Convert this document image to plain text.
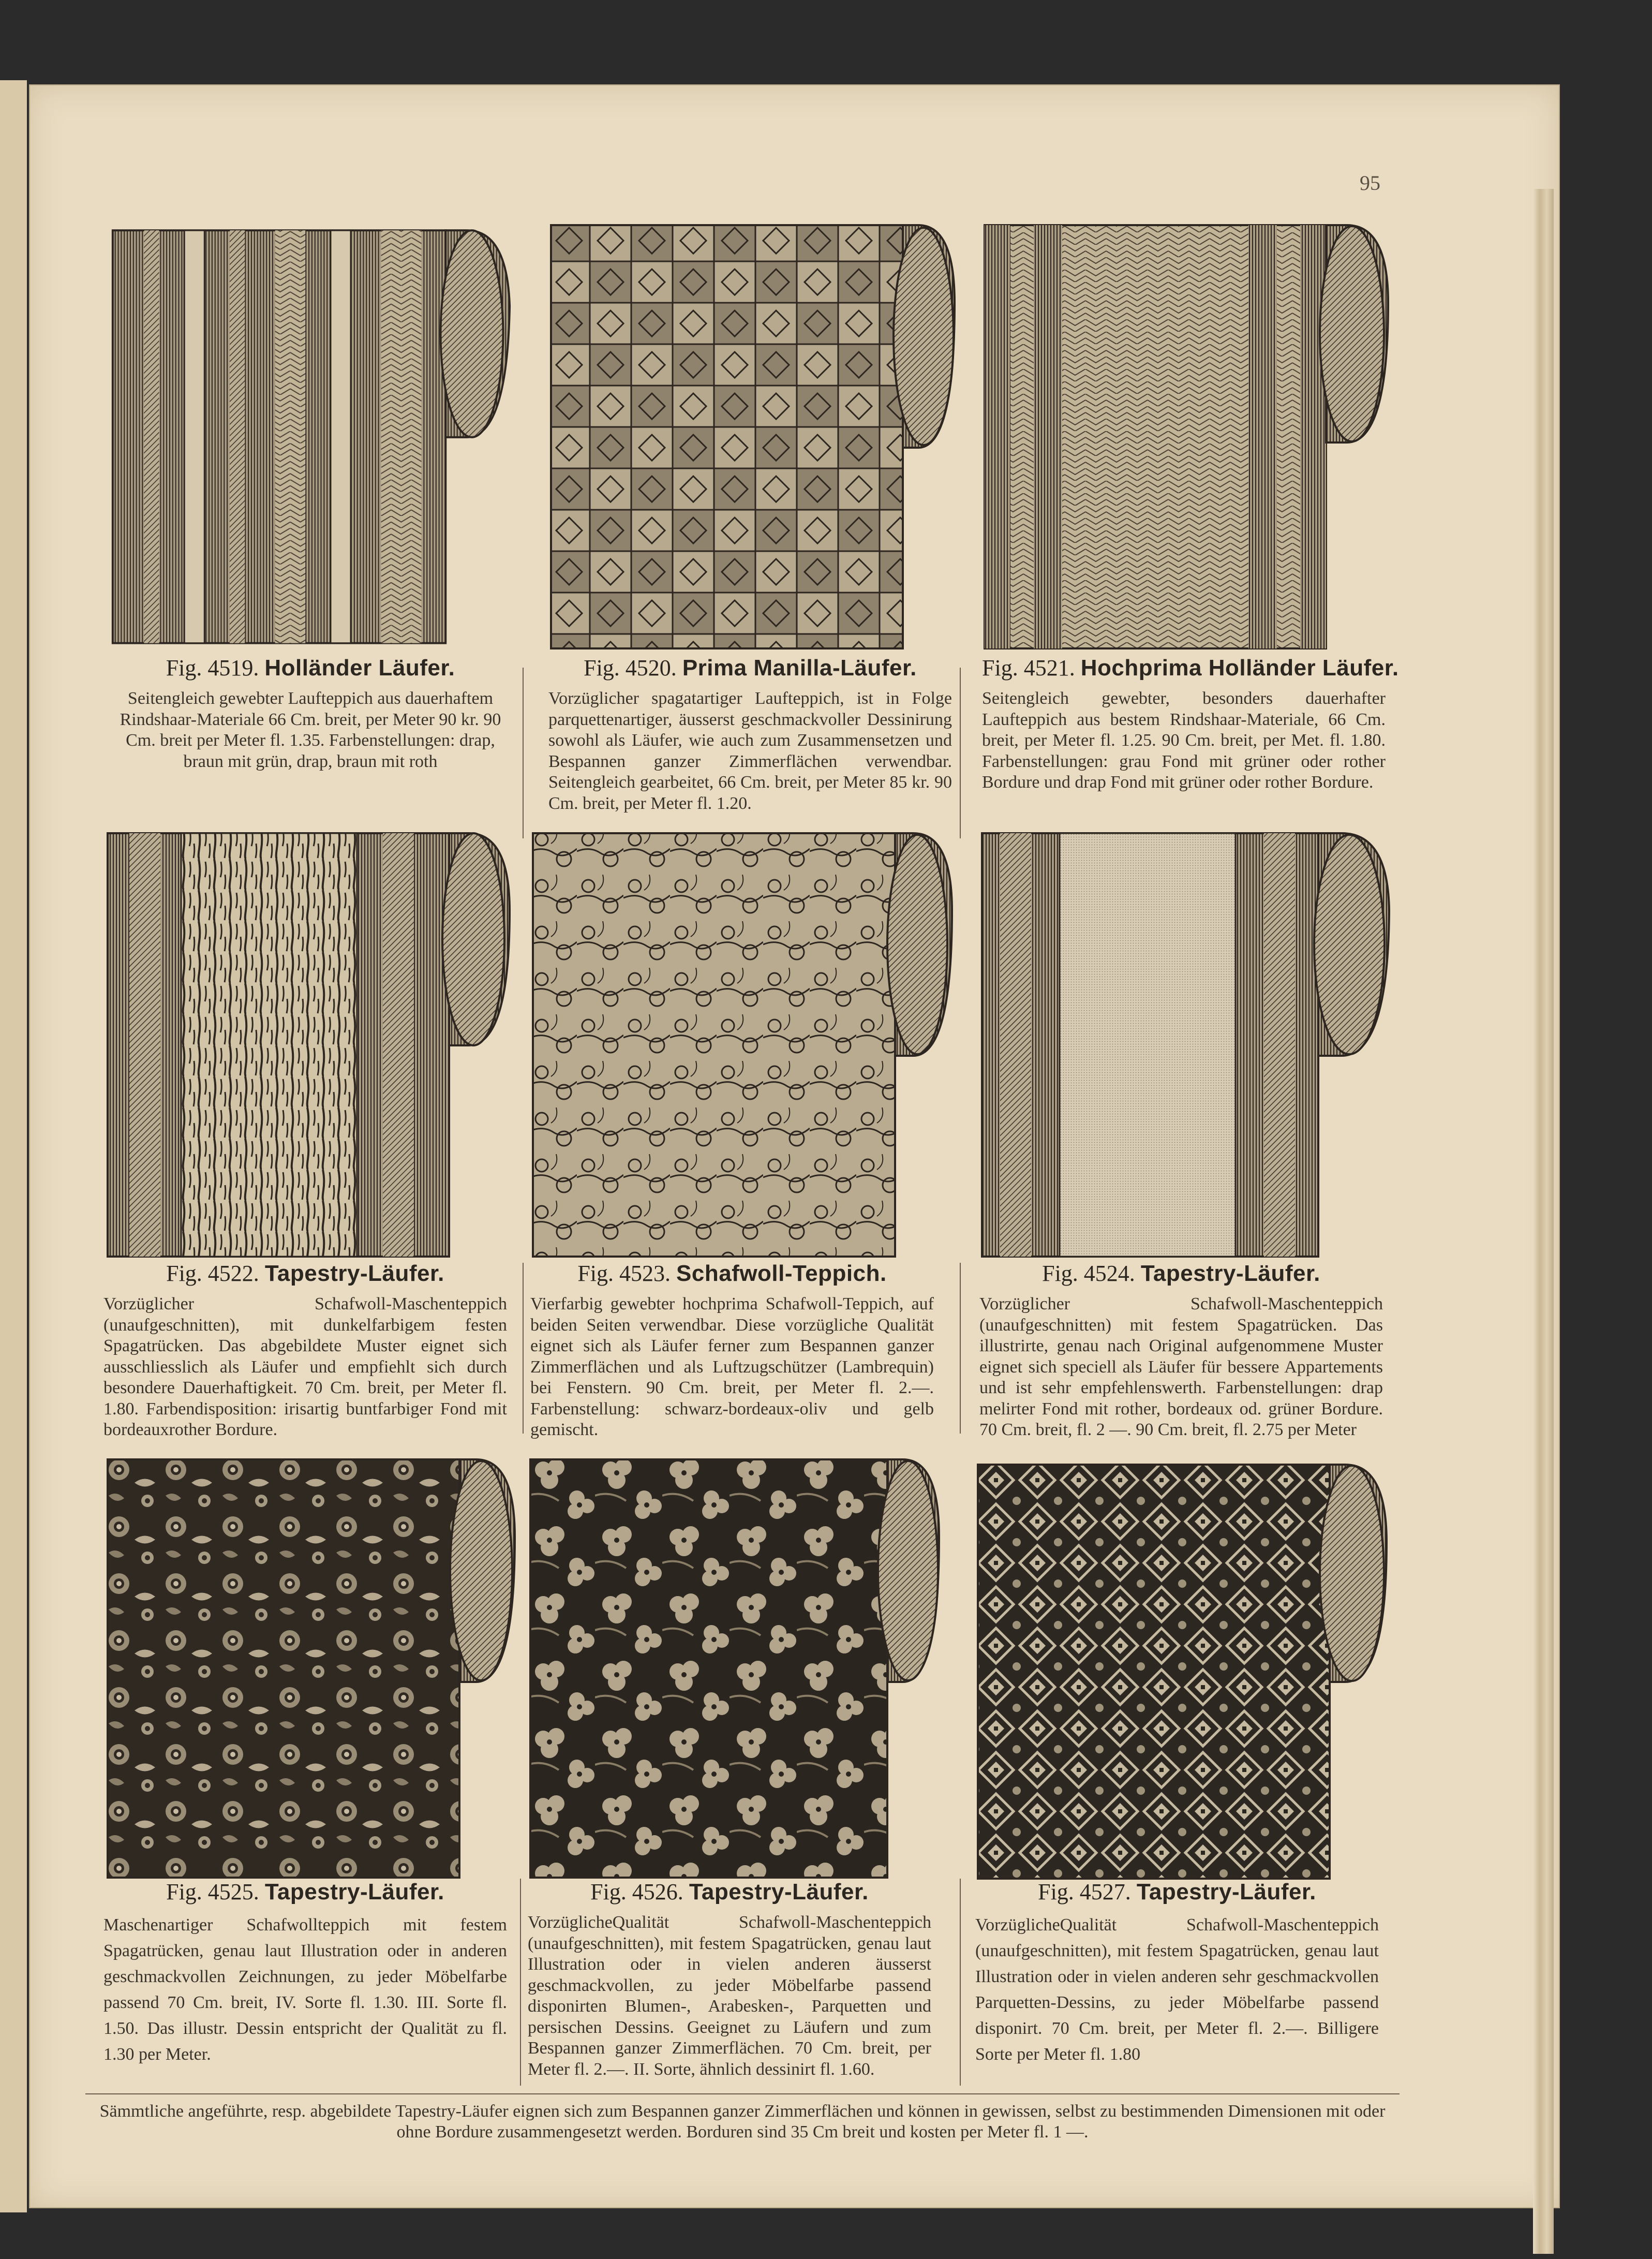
95
Fig. 4519. Holländer Läufer.
Seitengleich gewebter Laufteppich aus dauerhaftem Rindshaar-Materiale 66 Cm. breit, per Meter 90 kr. 90 Cm. breit per Meter fl. 1.35. Farbenstellungen: drap, braun mit grün, drap, braun mit roth
Fig. 4520. Prima Manilla-Läufer.
Vorzüglicher spagatartiger Laufteppich, ist in Folge parquettenartiger, äusserst geschmackvoller Dessinirung sowohl als Läufer, wie auch zum Zusammensetzen und Bespannen ganzer Zimmerflächen verwendbar. Seitengleich gearbeitet, 66 Cm. breit, per Meter 85 kr. 90 Cm. breit, per Meter fl. 1.20.
Fig. 4521. Hochprima Holländer Läufer.
Seitengleich gewebter, besonders dauerhafter Laufteppich aus bestem Rindshaar-Materiale, 66 Cm. breit, per Meter fl. 1.25. 90 Cm. breit, per Met. fl. 1.80. Farbenstellungen: grau Fond mit grüner oder rother Bordure und drap Fond mit grüner oder rother Bordure.
Fig. 4522. Tapestry-Läufer.
Vorzüglicher Schafwoll-Maschenteppich (unaufgeschnitten), mit dunkelfarbigem festen Spagatrücken. Das abgebildete Muster eignet sich ausschliesslich als Läufer und empfiehlt sich durch besondere Dauerhaftigkeit. 70 Cm. breit, per Meter fl. 1.80. Farbendisposition: irisartig buntfarbiger Fond mit bordeauxrother Bordure.
Fig. 4523. Schafwoll-Teppich.
Vierfarbig gewebter hochprima Schafwoll-Teppich, auf beiden Seiten verwendbar. Diese vorzügliche Qualität eignet sich als Läufer ferner zum Bespannen ganzer Zimmerflächen und als Luftzugschützer (Lambrequin) bei Fenstern. 90 Cm. breit, per Meter fl. 2.—. Farbenstellung: schwarz-bordeaux-oliv und gelb gemischt.
Fig. 4524. Tapestry-Läufer.
Vorzüglicher Schafwoll-Maschenteppich (unaufgeschnitten) mit festem Spagatrücken. Das illustrirte, genau nach Original aufgenommene Muster eignet sich speciell als Läufer für bessere Appartements und ist sehr empfehlenswerth. Farbenstellungen: drap melirter Fond mit rother, bordeaux od. grüner Bordure. 70 Cm. breit, fl. 2 —. 90 Cm. breit, fl. 2.75 per Meter
Fig. 4525. Tapestry-Läufer.
Maschenartiger Schafwollteppich mit festem Spagatrücken, genau laut Illustration oder in anderen geschmackvollen Zeichnungen, zu jeder Möbelfarbe passend 70 Cm. breit, IV. Sorte fl. 1.30. III. Sorte fl. 1.50. Das illustr. Dessin entspricht der Qualität zu fl. 1.30 per Meter.
Fig. 4526. Tapestry-Läufer.
VorzüglicheQualität Schafwoll-Maschenteppich (unaufgeschnitten), mit festem Spagatrücken, genau laut Illustration oder in vielen anderen äusserst geschmackvollen, zu jeder Möbelfarbe passend disponirten Blumen-, Arabesken-, Parquetten und persischen Dessins. Geeignet zu Läufern und zum Bespannen ganzer Zimmerflächen. 70 Cm. breit, per Meter fl. 2.—. II. Sorte, ähnlich dessinirt fl. 1.60.
Fig. 4527. Tapestry-Läufer.
VorzüglicheQualität Schafwoll-Maschenteppich (unaufgeschnitten), mit festem Spagatrücken, genau laut Illustration oder in vielen anderen sehr geschmackvollen Parquetten-Dessins, zu jeder Möbelfarbe passend disponirt. 70 Cm. breit, per Meter fl. 2.—. Billigere Sorte per Meter fl. 1.80
Sämmtliche angeführte, resp. abgebildete Tapestry-Läufer eignen sich zum Bespannen ganzer Zimmerflächen und können in gewissen, selbst zu bestimmenden Dimensionen mit oder ohne Bordure zusammengesetzt werden. Borduren sind 35 Cm breit und kosten per Meter fl. 1 —.
